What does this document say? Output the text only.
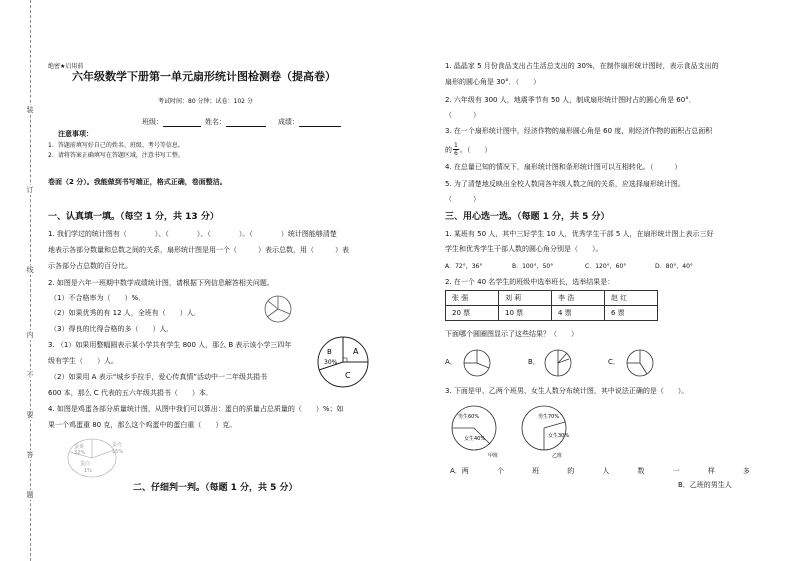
装
订
线
内
不
要
答
题
绝密★启用前
六年级数学下册第一单元扇形统计图检测卷（提高卷）
考试时间：80 分钟；试卷：102 分
班级：	姓名：	成绩：
注意事项：
1．答题前填写好自己的姓名、班级、考号等信息。
2．请将答案正确填写在答题区域，注意书写工整。
卷面（2 分）。我能做到书写端正，格式正确，卷面整洁。
一、认真填一填。（每空 1 分，共 13 分）
1. 我们学过的统计图有（　　　　）、（　　　　）、（　　　　）。（　　　　）统计图能够清楚
地表示各部分数量和总数之间的关系，扇形统计图是用一个（　　　）表示总数，用（　　　）表
示各部分占总数的百分比。
2. 如图是六年一班期中数学成绩统计图，请根据下列信息解答相关问题。
（1）不合格率为（　　）%．
（2）如果优秀的有 12 人，全班有（　　）人．
（3）得良的比得合格的多（　　）人．
3. （1）如果用整幅圆表示某小学共有学生 800 人，那么 B 表示该小学三四年
级有学生（　　）人。
（2）如果用 A 表示“城乡手拉手，爱心传真情”活动中一二年级共捐书
600 本，那么 C 代表的五六年级共捐书（　　）本．
A
B
30%
C
4. 如图是鸡蛋各部分质量统计图，从图中我们可以算出：蛋白的质量占总质量的（　　）%；如
果一个鸡蛋重 80 克，那么这个鸡蛋中的蛋白重（　　）克。
蛋黄
32%
蛋壳
15%
蛋白
1%
二、仔细判一判。（每题 1 分，共 5 分）
1. 晶晶家 5 月份食品支出占生活总支出的 30%，在制作扇形统计图时，表示食品支出的
扇形的圆心角是 30°．（　　）
2. 六年级有 300 人，地震季节有 50 人，制成扇形统计图时占的圆心角是 60°．
（　　　）
3. 在一个扇形统计图中，经济作物的扇形圆心角是 60 度，则经济作物的面积占总面积
的 $\frac{1}{6}$ 。（　　）
4. 在总量已知的情况下，扇形统计图和条形统计图可以互相转化。（　　　）
5. 为了清楚地反映出全校人数同各年级人数之间的关系，应选择扇形统计图。
（　　　）
三、用心选一选。（每题 1 分，共 5 分）
1. 某班有 50 人，其中三好学生 10 人，优秀学生干部 5 人，在扇形统计图上表示三好
学生和优秀学生干部人数的圆心角分别是（　　）。
A．72°，36°	B．100°，50°	C．120°，60°	D．80°，40°
2. 在一个 40 名学生的班级中选举班长，选举结果是：
张 强	刘 莉	李 浩	赵 红
20 票	10 票	4 票	6 票
下面哪个圆圈图显示了这些结果？（　　）
A．	B．	C．
3. 下面是甲、乙两个班男、女生人数分布统计图，其中说法正确的是（　　）。
男生60%
女生40%
甲班
男生70%
女生30%
乙班
A．两	个	班	的	人	数	一	样	多
B．乙班的男生人
